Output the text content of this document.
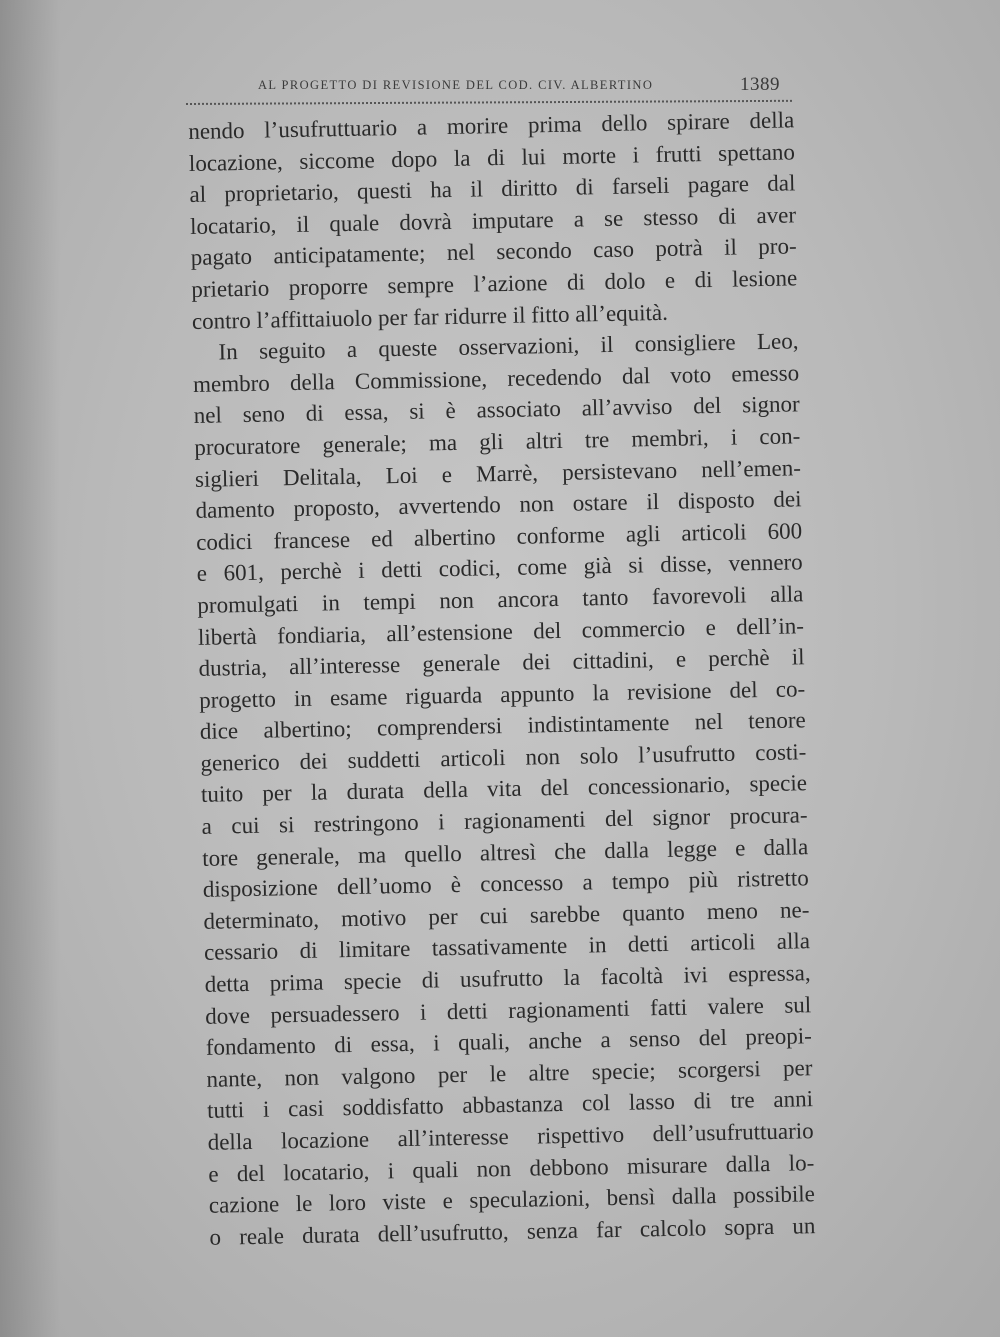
AL PROGETTO DI REVISIONE DEL COD. CIV. ALBERTINO	1389
nendo l’usufruttuario a morire prima dello spirare della
locazione, siccome dopo la di lui morte i frutti spettano
al proprietario, questi ha il diritto di farseli pagare dal
locatario, il quale dovrà imputare a se stesso di aver
pagato anticipatamente; nel secondo caso potrà il pro-
prietario proporre sempre l’azione di dolo e di lesione
contro l’affittaiuolo per far ridurre il fitto all’equità.
In seguito a queste osservazioni, il consigliere Leo,
membro della Commissione, recedendo dal voto emesso
nel seno di essa, si è associato all’avviso del signor
procuratore generale; ma gli altri tre membri, i con-
siglieri Delitala, Loi e Marrè, persistevano nell’emen-
damento proposto, avvertendo non ostare il disposto dei
codici francese ed albertino conforme agli articoli 600
e 601, perchè i detti codici, come già si disse, vennero
promulgati in tempi non ancora tanto favorevoli alla
libertà fondiaria, all’estensione del commercio e dell’in-
dustria, all’interesse generale dei cittadini, e perchè il
progetto in esame riguarda appunto la revisione del co-
dice albertino; comprendersi indistintamente nel tenore
generico dei suddetti articoli non solo l’usufrutto costi-
tuito per la durata della vita del concessionario, specie
a cui si restringono i ragionamenti del signor procura-
tore generale, ma quello altresì che dalla legge e dalla
disposizione dell’uomo è concesso a tempo più ristretto
determinato, motivo per cui sarebbe quanto meno ne-
cessario di limitare tassativamente in detti articoli alla
detta prima specie di usufrutto la facoltà ivi espressa,
dove persuadessero i detti ragionamenti fatti valere sul
fondamento di essa, i quali, anche a senso del preopi-
nante, non valgono per le altre specie; scorgersi per
tutti i casi soddisfatto abbastanza col lasso di tre anni
della locazione all’interesse rispettivo dell’usufruttuario
e del locatario, i quali non debbono misurare dalla lo-
cazione le loro viste e speculazioni, bensì dalla possibile
o reale durata dell’usufrutto, senza far calcolo sopra un
